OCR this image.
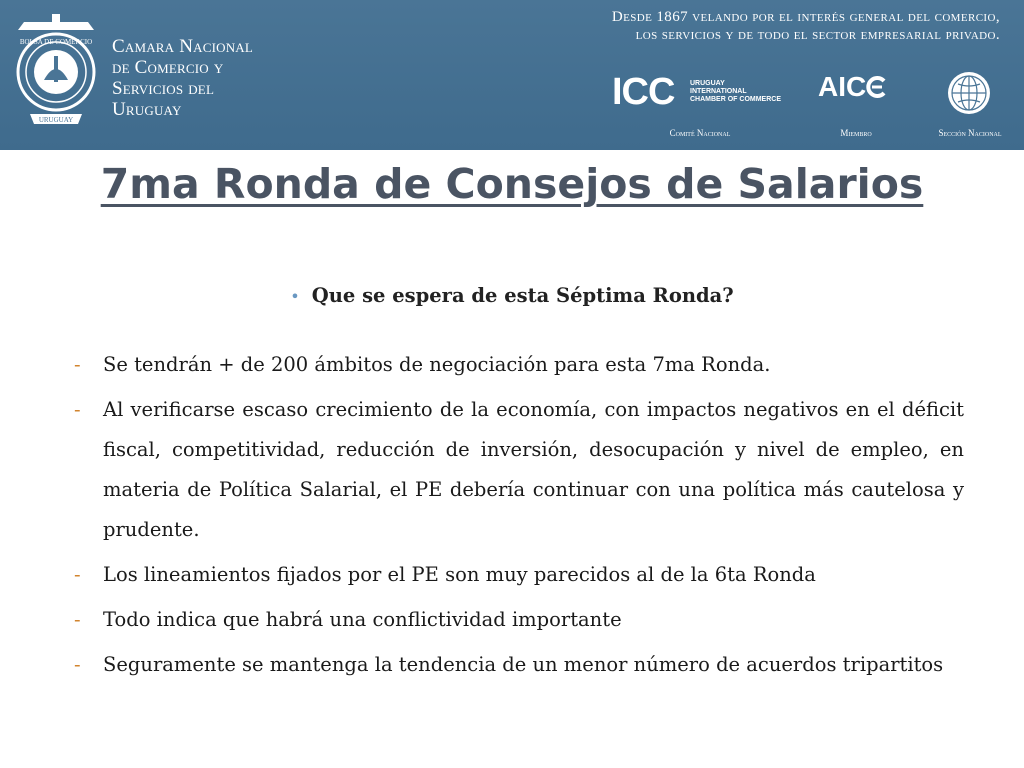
BOLSA DE COMERCIO
URUGUAY
Camara Nacional
de Comercio y
Servicios del
Uruguay
Desde 1867 velando por el interés general del comercio,
los servicios y de todo el sector empresarial privado.
ICC URUGUAY
INTERNATIONAL
CHAMBER OF COMMERCE
Comité Nacional
AIC
Miembro	Sección Nacional
7ma Ronda de Consejos de Salarios
• Que se espera de esta Séptima Ronda?
- Se tendrán + de 200 ámbitos de negociación para esta 7ma Ronda.
- Al verificarse escaso crecimiento de la economía, con impactos negativos en el déficit fiscal, competitividad, reducción de inversión, desocupación y nivel de empleo, en materia de Política Salarial, el PE debería continuar con una política más cautelosa y prudente.
- Los lineamientos fijados por el PE son muy parecidos al de la 6ta Ronda
- Todo indica que habrá una conflictividad importante
- Seguramente se mantenga la tendencia de un menor número de acuerdos tripartitos
